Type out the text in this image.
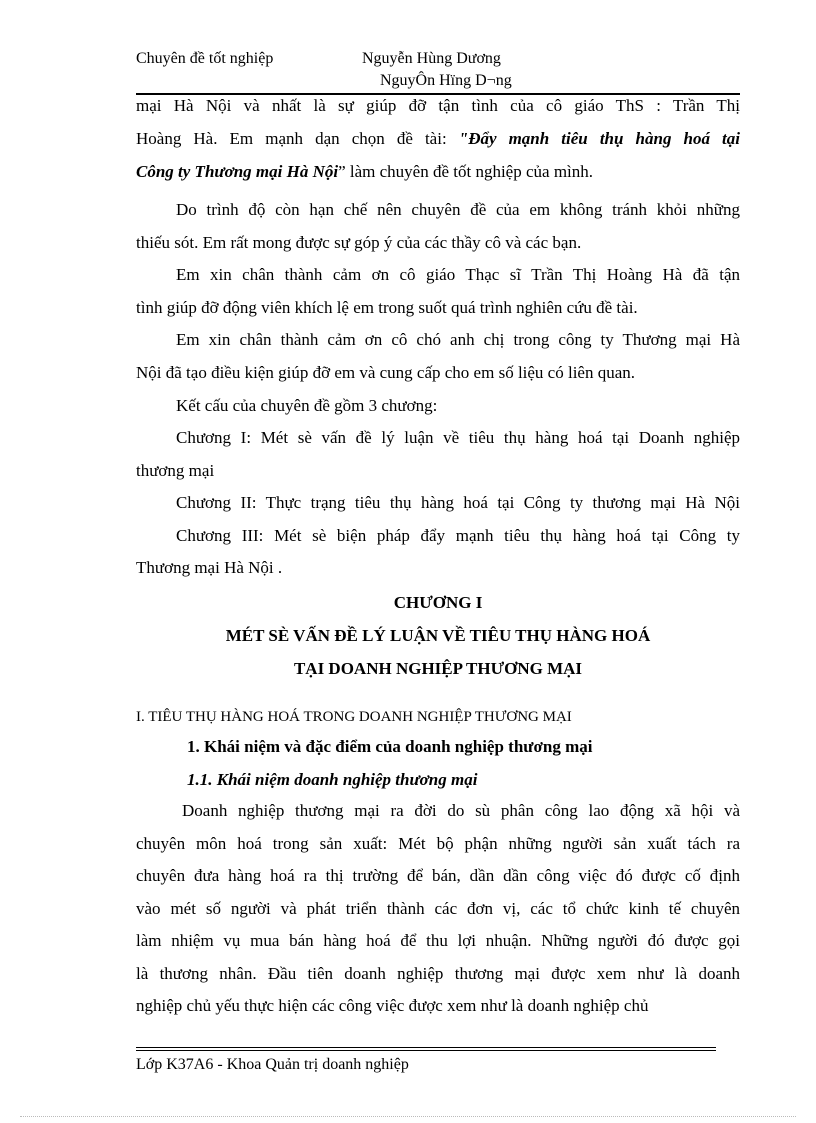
Chuyên đề tốt nghiệp	Nguyễn Hùng Dương
NguyÔn Hïng D¬ng
mại Hà Nội và nhất là sự giúp đỡ tận tình của cô giáo ThS : Trần Thị
Hoàng Hà. Em mạnh dạn chọn đề tài: "Đẩy mạnh tiêu thụ hàng hoá tại
Công ty Thương mại Hà Nội” làm chuyên đề tốt nghiệp của mình.
Do trình độ còn hạn chế nên chuyên đề của em không tránh khỏi những
thiếu sót. Em rất mong được sự góp ý của các thầy cô và các bạn.
Em xin chân thành cảm ơn cô giáo Thạc sĩ Trần Thị Hoàng Hà đã tận
tình giúp đỡ động viên khích lệ em trong suốt quá trình nghiên cứu đề tài.
Em xin chân thành cảm ơn cô chó anh chị trong công ty Thương mại Hà
Nội đã tạo điều kiện giúp đỡ em và cung cấp cho em số liệu có liên quan.
Kết cấu của chuyên đề gồm 3 chương:
Chương I: Mét sè vấn đề lý luận về tiêu thụ hàng hoá tại Doanh nghiệp
thương mại
Chương II: Thực trạng tiêu thụ hàng hoá tại Công ty thương mại Hà Nội
Chương III: Mét sè biện pháp đẩy mạnh tiêu thụ hàng hoá tại Công ty
Thương mại Hà Nội .
CHƯƠNG I
MÉT SÈ VẤN ĐỀ LÝ LUẬN VỀ TIÊU THỤ HÀNG HOÁ
TẠI DOANH NGHIỆP THƯƠNG MẠI
I. TIÊU THỤ HÀNG HOÁ TRONG DOANH NGHIỆP THƯƠNG MẠI
1. Khái niệm và đặc điểm của doanh nghiệp thương mại
1.1. Khái niệm doanh nghiệp thương mại
Doanh nghiệp thương mại ra đời do sù phân công lao động xã hội và
chuyên môn hoá trong sản xuất: Mét bộ phận những người sản xuất tách ra
chuyên đưa hàng hoá ra thị trường để bán, dần dần công việc đó được cố định
vào mét số người và phát triển thành các đơn vị, các tổ chức kinh tế chuyên
làm nhiệm vụ mua bán hàng hoá để thu lợi nhuận. Những người đó được gọi
là thương nhân. Đầu tiên doanh nghiệp thương mại được xem như là doanh
nghiệp chủ yếu thực hiện các công việc được xem như là doanh nghiệp chủ
Lớp K37A6 - Khoa Quản trị doanh nghiệp
